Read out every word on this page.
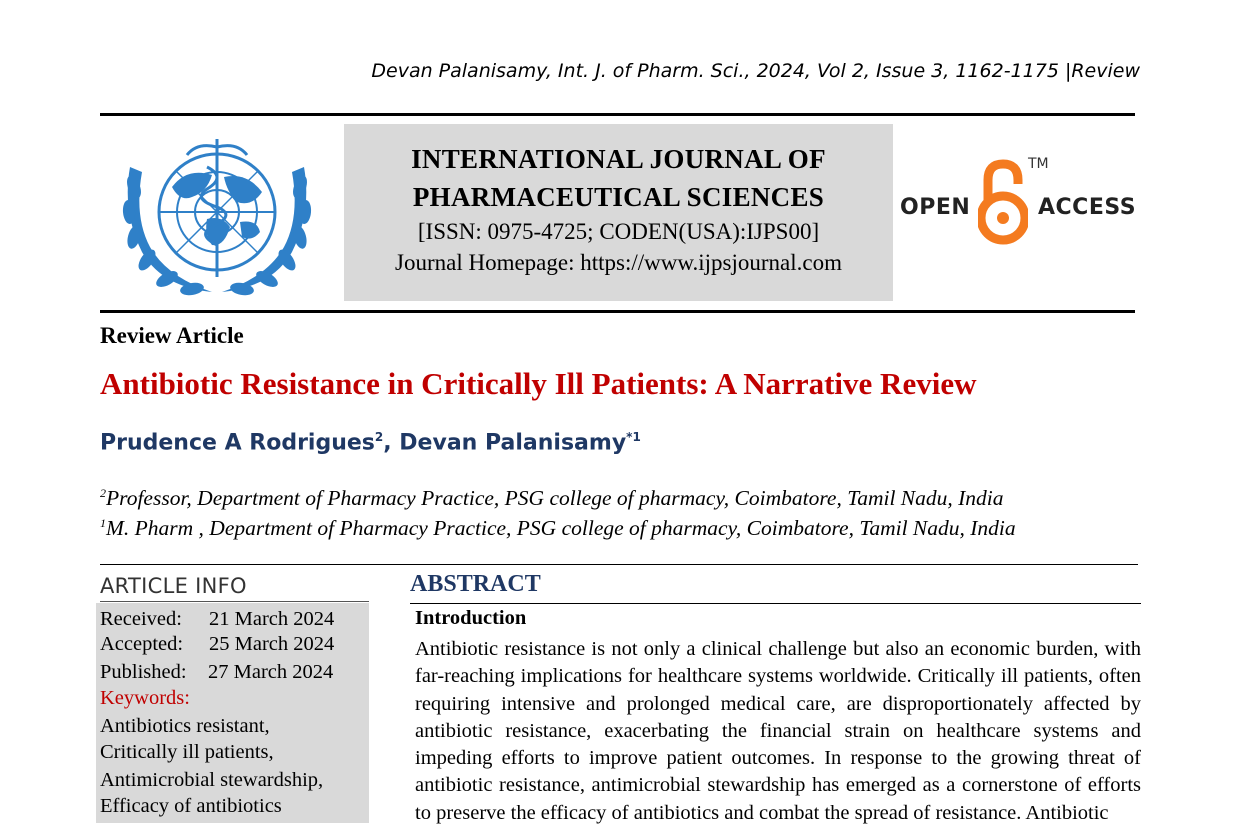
Devan Palanisamy, Int. J. of Pharm. Sci., 2024, Vol 2, Issue 3, 1162-1175 |Review
INTERNATIONAL JOURNAL OF
PHARMACEUTICAL SCIENCES
[ISSN: 0975-4725; CODEN(USA):IJPS00]
Journal Homepage: https://www.ijpsjournal.com
OPEN
TM
ACCESS
Review Article
Antibiotic Resistance in Critically Ill Patients: A Narrative Review
Prudence A Rodrigues$^2$, Devan Palanisamy$^{*1}$
$^2$Professor, Department of Pharmacy Practice, PSG college of pharmacy, Coimbatore, Tamil Nadu, India
$^1$M. Pharm , Department of Pharmacy Practice, PSG college of pharmacy, Coimbatore, Tamil Nadu, India
ARTICLE INFO
Received: 21 March 2024
Accepted: 25 March 2024
Published: 27 March 2024
Keywords:
Antibiotics resistant,
Critically ill patients,
Antimicrobial stewardship,
Efficacy of antibiotics
ABSTRACT
Introduction
Antibiotic resistance is not only a clinical challenge but also an economic burden, with far-reaching implications for healthcare systems worldwide. Critically ill patients, often requiring intensive and prolonged medical care, are disproportionately affected by antibiotic resistance, exacerbating the financial strain on healthcare systems and impeding efforts to improve patient outcomes. In response to the growing threat of antibiotic resistance, antimicrobial stewardship has emerged as a cornerstone of efforts to preserve the efficacy of antibiotics and combat the spread of resistance. Antibiotic
